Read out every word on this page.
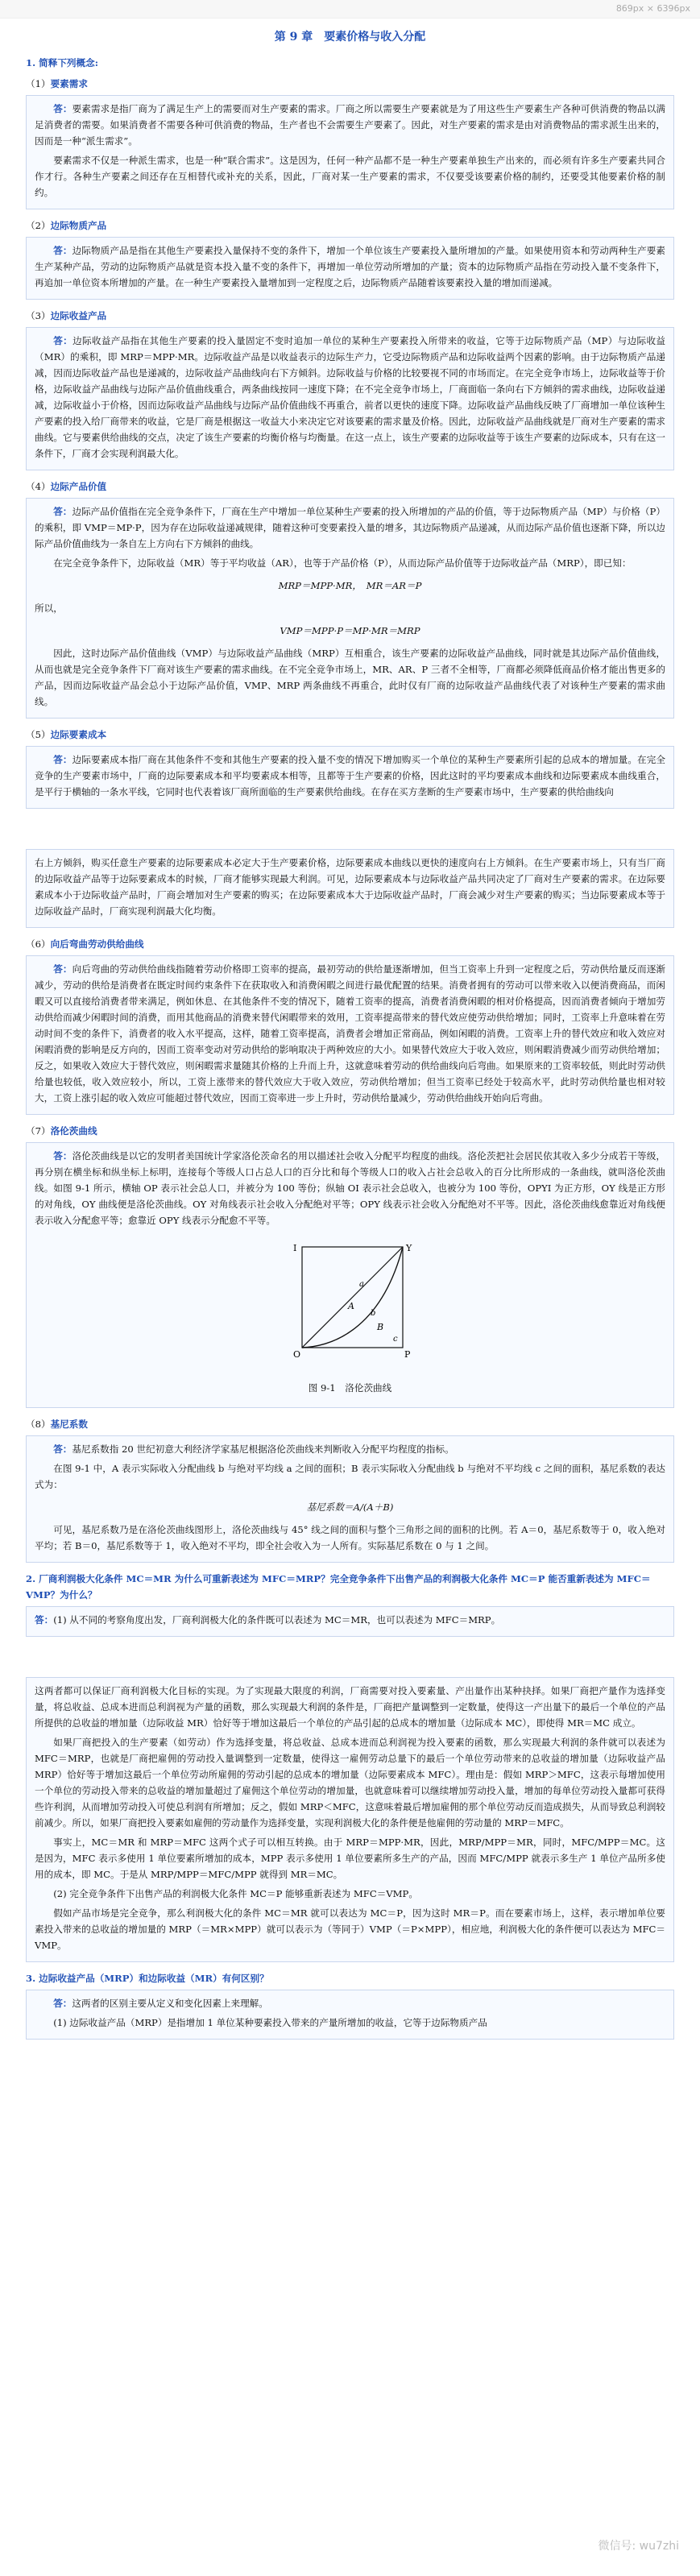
869px × 6396px
第 9 章　要素价格与收入分配
1. 简释下列概念:
（1）要素需求

答：要素需求是指厂商为了满足生产上的需要而对生产要素的需求。厂商之所以需要生产要素就是为了用这些生产要素生产各种可供消费的物品以满足消费者的需要。如果消费者不需要各种可供消费的物品，生产者也不会需要生产要素了。因此，对生产要素的需求是由对消费物品的需求派生出来的，因而是一种“派生需求”。

要素需求不仅是一种派生需求，也是一种“联合需求”。这是因为，任何一种产品都不是一种生产要素单独生产出来的，而必须有许多生产要素共同合作才行。各种生产要素之间还存在互相替代或补充的关系，因此，厂商对某一生产要素的需求，不仅要受该要素价格的制约，还要受其他要素价格的制约。

（2）边际物质产品

答：边际物质产品是指在其他生产要素投入量保持不变的条件下，增加一个单位该生产要素投入量所增加的产量。如果使用资本和劳动两种生产要素生产某种产品，劳动的边际物质产品就是资本投入量不变的条件下，再增加一单位劳动所增加的产量；资本的边际物质产品指在劳动投入量不变条件下，再追加一单位资本所增加的产量。在一种生产要素投入量增加到一定程度之后，边际物质产品随着该要素投入量的增加而递减。

（3）边际收益产品

答：边际收益产品指在其他生产要素的投入量固定不变时追加一单位的某种生产要素投入所带来的收益，它等于边际物质产品（MP）与边际收益（MR）的乘积，即 MRP＝MPP·MR。边际收益产品是以收益表示的边际生产力，它受边际物质产品和边际收益两个因素的影响。由于边际物质产品递减，因而边际收益产品也是递减的，边际收益产品曲线向右下方倾斜。边际收益与价格的比较要视不同的市场而定。在完全竞争市场上，边际收益等于价格，边际收益产品曲线与边际产品价值曲线重合，两条曲线按同一速度下降；在不完全竞争市场上，厂商面临一条向右下方倾斜的需求曲线，边际收益递减，边际收益小于价格，因而边际收益产品曲线与边际产品价值曲线不再重合，前者以更快的速度下降。边际收益产品曲线反映了厂商增加一单位该种生产要素的投入给厂商带来的收益，它是厂商是根据这一收益大小来决定它对该要素的需求量及价格。因此，边际收益产品曲线就是厂商对生产要素的需求曲线。它与要素供给曲线的交点，决定了该生产要素的均衡价格与均衡量。在这一点上，该生产要素的边际收益等于该生产要素的边际成本，只有在这一条件下，厂商才会实现利润最大化。

（4）边际产品价值

答：边际产品价值指在完全竞争条件下，厂商在生产中增加一单位某种生产要素的投入所增加的产品的价值，等于边际物质产品（MP）与价格（P）的乘积，即 VMP＝MP·P，因为存在边际收益递减规律，随着这种可变要素投入量的增多，其边际物质产品递减，从而边际产品价值也逐渐下降，所以边际产品价值曲线为一条自左上方向右下方倾斜的曲线。

在完全竞争条件下，边际收益（MR）等于平均收益（AR），也等于产品价格（P），从而边际产品价值等于边际收益产品（MRP），即已知：

MRP＝MPP·MR，　MR＝AR＝P

所以，

VMP＝MPP·P＝MP·MR＝MRP

因此，这时边际产品价值曲线（VMP）与边际收益产品曲线（MRP）互相重合，该生产要素的边际收益产品曲线，同时就是其边际产品价值曲线，从而也就是完全竞争条件下厂商对该生产要素的需求曲线。在不完全竞争市场上，MR、AR、P 三者不全相等，厂商都必须降低商品价格才能出售更多的产品，因而边际收益产品会总小于边际产品价值，VMP、MRP 两条曲线不再重合，此时仅有厂商的边际收益产品曲线代表了对该种生产要素的需求曲线。

（5）边际要素成本

答：边际要素成本指厂商在其他条件不变和其他生产要素的投入量不变的情况下增加购买一个单位的某种生产要素所引起的总成本的增加量。在完全竞争的生产要素市场中，厂商的边际要素成本和平均要素成本相等，且都等于生产要素的价格，因此这时的平均要素成本曲线和边际要素成本曲线重合，是平行于横轴的一条水平线，它同时也代表着该厂商所面临的生产要素供给曲线。在存在买方垄断的生产要素市场中，生产要素的供给曲线向

右上方倾斜，购买任意生产要素的边际要素成本必定大于生产要素价格，边际要素成本曲线以更快的速度向右上方倾斜。在生产要素市场上，只有当厂商的边际收益产品等于边际要素成本的时候，厂商才能够实现最大利润。可见，边际要素成本与边际收益产品共同决定了厂商对生产要素的需求。在边际要素成本小于边际收益产品时，厂商会增加对生产要素的购买；在边际要素成本大于边际收益产品时，厂商会减少对生产要素的购买；当边际要素成本等于边际收益产品时，厂商实现利润最大化均衡。

（6）向后弯曲劳动供给曲线

答：向后弯曲的劳动供给曲线指随着劳动价格即工资率的提高，最初劳动的供给量逐渐增加，但当工资率上升到一定程度之后，劳动供给量反而逐渐减少，劳动的供给是消费者在既定时间约束条件下在获取收入和消费闲暇之间进行最优配置的结果。消费者拥有的劳动可以带来收入以便消费商品，而闲暇又可以直接给消费者带来满足，例如休息、在其他条件不变的情况下，随着工资率的提高，消费者消费闲暇的相对价格提高，因而消费者倾向于增加劳动供给而减少闲暇时间的消费，而用其他商品的消费来替代闲暇带来的效用，工资率提高带来的替代效应使劳动供给增加；同时，工资率上升意味着在劳动时间不变的条件下，消费者的收入水平提高，这样，随着工资率提高，消费者会增加正常商品，例如闲暇的消费。工资率上升的替代效应和收入效应对闲暇消费的影响是反方向的，因而工资率变动对劳动供给的影响取决于两种效应的大小。如果替代效应大于收入效应，则闲暇消费减少而劳动供给增加；反之，如果收入效应大于替代效应，则闲暇需求量随其价格的上升而上升，这就意味着劳动的供给曲线向后弯曲。如果原来的工资率较低，则此时劳动供给量也较低，收入效应较小，所以，工资上涨带来的替代效应大于收入效应，劳动供给增加；但当工资率已经处于较高水平，此时劳动供给量也相对较大，工资上涨引起的收入效应可能超过替代效应，因而工资率进一步上升时，劳动供给量减少，劳动供给曲线开始向后弯曲。

（7）洛伦茨曲线

答：洛伦茨曲线是以它的发明者美国统计学家洛伦茨命名的用以描述社会收入分配平均程度的曲线。洛伦茨把社会居民依其收入多少分成若干等级，再分别在横坐标和纵坐标上标明，连接每个等级人口占总人口的百分比和每个等级人口的收入占社会总收入的百分比所形成的一条曲线，就叫洛伦茨曲线。如图 9-1 所示，横轴 OP 表示社会总人口，并被分为 100 等份；纵轴 OI 表示社会总收入，也被分为 100 等份，OPYI 为正方形，OY 线是正方形的对角线，OY 曲线便是洛伦茨曲线。OY 对角线表示社会收入分配绝对平等；OPY 线表示社会收入分配绝对不平等。因此，洛伦茨曲线愈靠近对角线便表示收入分配愈平等；愈靠近 OPY 线表示分配愈不平等。

I	Y
O	P
A
B
a
b
c
图 9-1　洛伦茨曲线
（8）基尼系数

答：基尼系数指 20 世纪初意大利经济学家基尼根据洛伦茨曲线来判断收入分配平均程度的指标。

在图 9-1 中，A 表示实际收入分配曲线 b 与绝对平均线 a 之间的面积；B 表示实际收入分配曲线 b 与绝对不平均线 c 之间的面积，基尼系数的表达式为：

基尼系数＝A/(A＋B)

可见，基尼系数乃是在洛伦茨曲线图形上，洛伦茨曲线与 45° 线之间的面积与整个三角形之间的面积的比例。若 A＝0，基尼系数等于 0，收入绝对平均；若 B＝0，基尼系数等于 1，收入绝对不平均，即全社会收入为一人所有。实际基尼系数在 0 与 1 之间。

2. 厂商利润极大化条件 MC＝MR 为什么可重新表述为 MFC＝MRP？完全竞争条件下出售产品的利润极大化条件 MC＝P 能否重新表述为 MFC＝VMP？为什么？

答：(1) 从不同的考察角度出发，厂商利润极大化的条件既可以表述为 MC＝MR，也可以表述为 MFC＝MRP。

这两者都可以保证厂商利润极大化目标的实现。为了实现最大限度的利润，厂商需要对投入要素量、产出量作出某种抉择。如果厂商把产量作为选择变量，将总收益、总成本进而总利润视为产量的函数，那么实现最大利润的条件是，厂商把产量调整到一定数量，使得这一产出量下的最后一个单位的产品所提供的总收益的增加量（边际收益 MR）恰好等于增加这最后一个单位的产品引起的总成本的增加量（边际成本 MC），即使得 MR＝MC 成立。

如果厂商把投入的生产要素（如劳动）作为选择变量，将总收益、总成本进而总利润视为投入要素的函数，那么实现最大利润的条件就可以表述为 MFC＝MRP，也就是厂商把雇佣的劳动投入量调整到一定数量，使得这一雇佣劳动总量下的最后一个单位劳动带来的总收益的增加量（边际收益产品 MRP）恰好等于增加这最后一个单位劳动所雇佣的劳动引起的总成本的增加量（边际要素成本 MFC）。理由是：假如 MRP＞MFC，这表示每增加使用一个单位的劳动投入带来的总收益的增加量超过了雇佣这个单位劳动的增加量，也就意味着可以继续增加劳动投入量，增加的每单位劳动投入量都可获得些许利润，从而增加劳动投入可使总利润有所增加；反之，假如 MRP＜MFC，这意味着最后增加雇佣的那个单位劳动反而造成损失，从而导致总利润较前减少。所以，如果厂商把投入要素如雇佣的劳动量作为选择变量，实现利润极大化的条件便是他雇佣的劳动量的 MRP＝MFC。

事实上，MC＝MR 和 MRP＝MFC 这两个式子可以相互转换。由于 MRP＝MPP·MR，因此，MRP/MPP＝MR，同时，MFC/MPP＝MC。这是因为，MFC 表示多使用 1 单位要素所增加的成本，MPP 表示多使用 1 单位要素所多生产的产品，因而 MFC/MPP 就表示多生产 1 单位产品所多使用的成本，即 MC。于是从 MRP/MPP＝MFC/MPP 就得到 MR＝MC。

(2) 完全竞争条件下出售产品的利润极大化条件 MC＝P 能够重新表述为 MFC＝VMP。

假如产品市场是完全竞争，那么利润极大化的条件 MC＝MR 就可以表达为 MC＝P，因为这时 MR＝P。而在要素市场上，这样，表示增加单位要素投入带来的总收益的增加量的 MRP（＝MR×MPP）就可以表示为（等同于）VMP（＝P×MPP），相应地，利润极大化的条件便可以表达为 MFC＝VMP。

3. 边际收益产品（MRP）和边际收益（MR）有何区别？

答：这两者的区别主要从定义和变化因素上来理解。

(1) 边际收益产品（MRP）是指增加 1 单位某种要素投入带来的产量所增加的收益，它等于边际物质产品

微信号: wu7zhi
